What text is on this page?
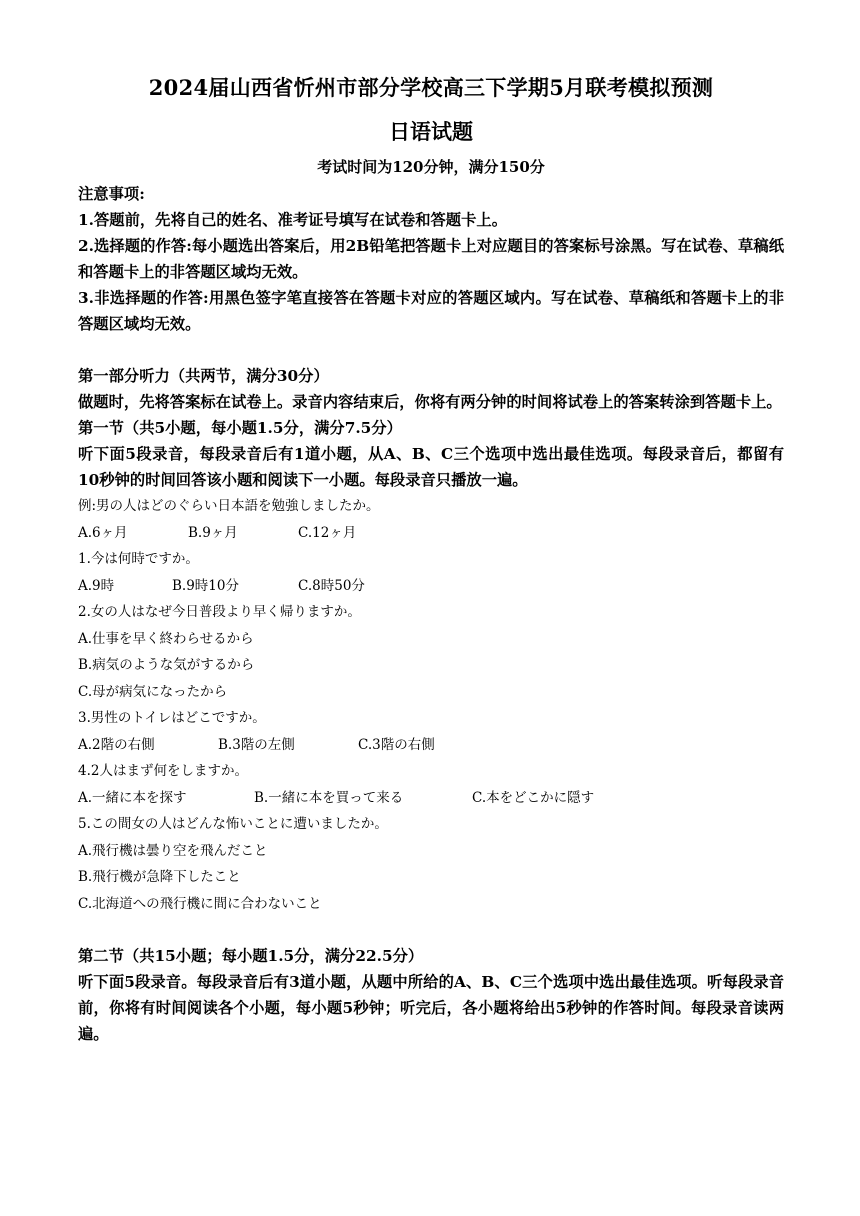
2024届山西省忻州市部分学校高三下学期5月联考模拟预测
日语试题
考试时间为120分钟，满分150分

注意事项:

1.答题前，先将自己的姓名、准考证号填写在试卷和答题卡上。

2.选择题的作答:每小题选出答案后，用2B铅笔把答题卡上对应题目的答案标号涂黑。写在试卷、草稿纸和答题卡上的非答题区域均无效。

3.非选择题的作答:用黑色签字笔直接答在答题卡对应的答题区域内。写在试卷、草稿纸和答题卡上的非答题区域均无效。

第一部分听力（共两节，满分30分）

做题时，先将答案标在试卷上。录音内容结束后，你将有两分钟的时间将试卷上的答案转涂到答题卡上。

第一节（共5小题，每小题1.5分，满分7.5分）

听下面5段录音，每段录音后有1道小题，从A、B、C三个选项中选出最佳选项。每段录音后，都留有10秒钟的时间回答该小题和阅读下一小题。每段录音只播放一遍。

例:男の人はどのぐらい日本語を勉強しましたか。

A.6ヶ月	B.9ヶ月	C.12ヶ月

1.今は何時ですか。

A.9時	B.9時10分	C.8時50分

2.女の人はなぜ今日普段より早く帰りますか。

A.仕事を早く終わらせるから

B.病気のような気がするから

C.母が病気になったから

3.男性のトイレはどこですか。

A.2階の右側	B.3階の左側	C.3階の右側

4.2人はまず何をしますか。

A.一緒に本を探す	B.一緒に本を買って来る	C.本をどこかに隠す

5.この間女の人はどんな怖いことに遭いましたか。

A.飛行機は曇り空を飛んだこと

B.飛行機が急降下したこと

C.北海道への飛行機に間に合わないこと

第二节（共15小题；每小题1.5分，满分22.5分）

听下面5段录音。每段录音后有3道小题，从题中所给的A、B、C三个选项中选出最佳选项。听每段录音前，你将有时间阅读各个小题，每小题5秒钟；听完后，各小题将给出5秒钟的作答时间。每段录音读两遍。
